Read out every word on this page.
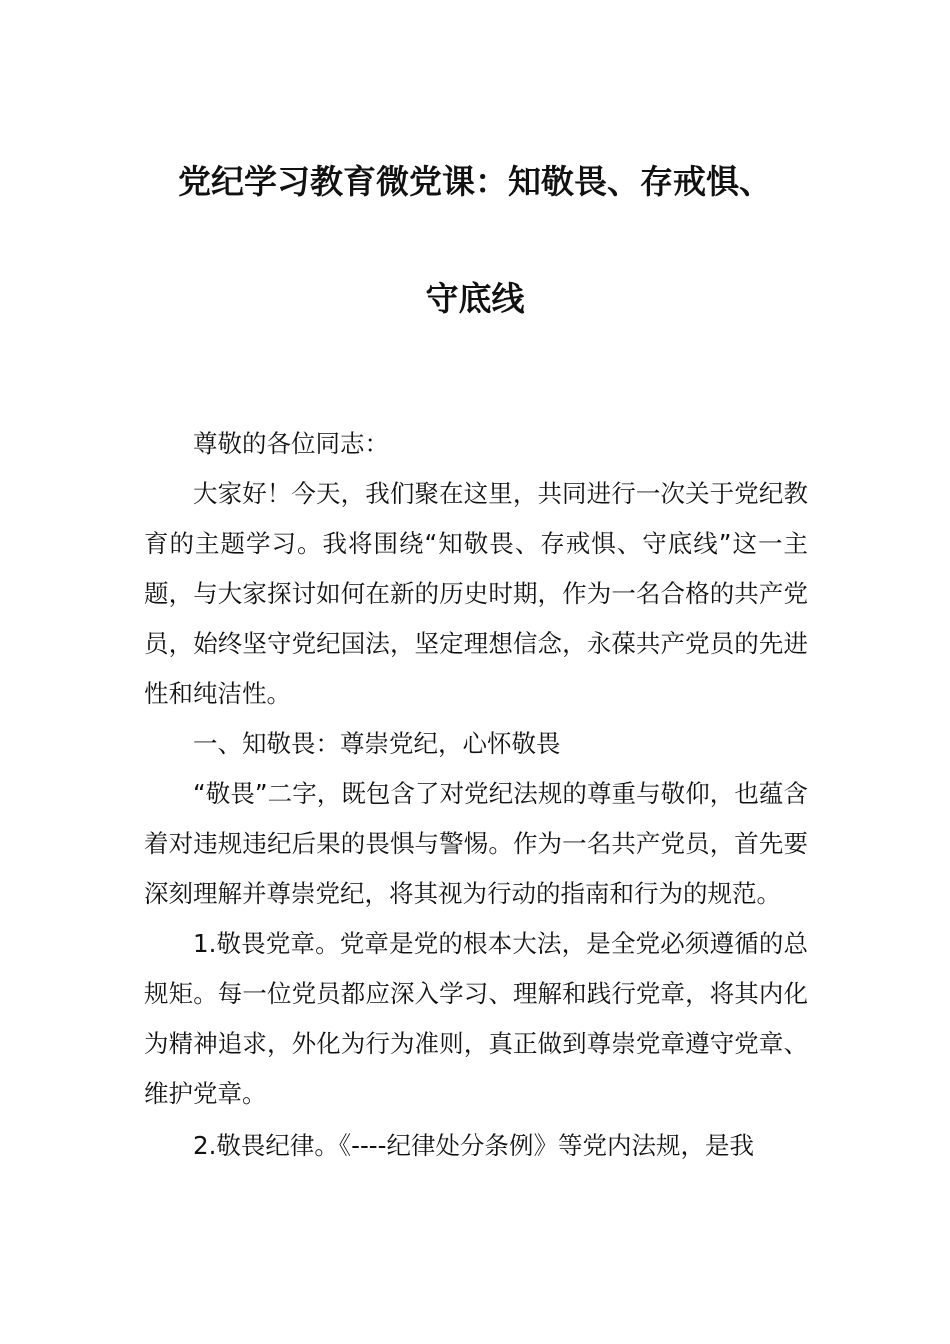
党纪学习教育微党课：知敬畏、存戒惧、
守底线

尊敬的各位同志：

大家好！今天，我们聚在这里，共同进行一次关于党纪教育的主题学习。我将围绕“知敬畏、存戒惧、守底线”这一主题，与大家探讨如何在新的历史时期，作为一名合格的共产党员，始终坚守党纪国法，坚定理想信念，永葆共产党员的先进性和纯洁性。

一、知敬畏：尊崇党纪，心怀敬畏

“敬畏”二字，既包含了对党纪法规的尊重与敬仰，也蕴含着对违规违纪后果的畏惧与警惕。作为一名共产党员，首先要深刻理解并尊崇党纪，将其视为行动的指南和行为的规范。

1.敬畏党章。党章是党的根本大法，是全党必须遵循的总规矩。每一位党员都应深入学习、理解和践行党章，将其内化为精神追求，外化为行为准则，真正做到尊崇党章遵守党章、维护党章。

2.敬畏纪律。《----纪律处分条例》等党内法规，是我
